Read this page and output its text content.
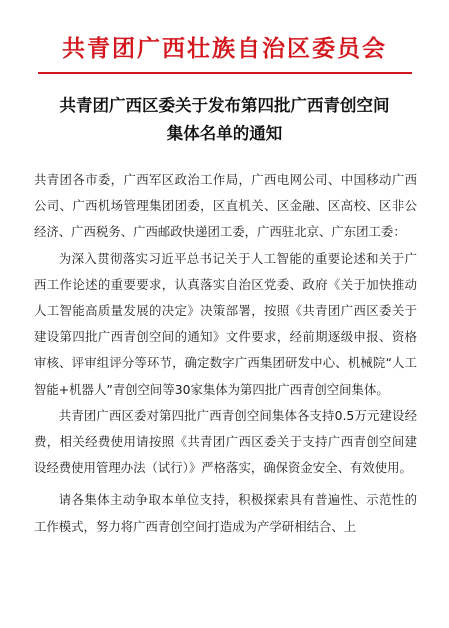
共青团广西壮族自治区委员会
共青团广西区委关于发布第四批广西青创空间
集体名单的通知

共青团各市委，广西军区政治工作局，广西电网公司、中国移动广西公司、广西机场管理集团团委，区直机关、区金融、区高校、区非公经济、广西税务、广西邮政快递团工委，广西驻北京、广东团工委：

为深入贯彻落实习近平总书记关于人工智能的重要论述和关于广西工作论述的重要要求，认真落实自治区党委、政府《关于加快推动人工智能高质量发展的决定》决策部署，按照《共青团广西区委关于建设第四批广西青创空间的通知》文件要求，经前期逐级申报、资格审核、评审组评分等环节，确定数字广西集团研发中心、机械院“人工智能+机器人”青创空间等30家集体为第四批广西青创空间集体。

共青团广西区委对第四批广西青创空间集体各支持0.5万元建设经费，相关经费使用请按照《共青团广西区委关于支持广西青创空间建设经费使用管理办法（试行）》严格落实，确保资金安全、有效使用。

请各集体主动争取本单位支持，积极探索具有普遍性、示范性的工作模式，努力将广西青创空间打造成为产学研相结合、上
